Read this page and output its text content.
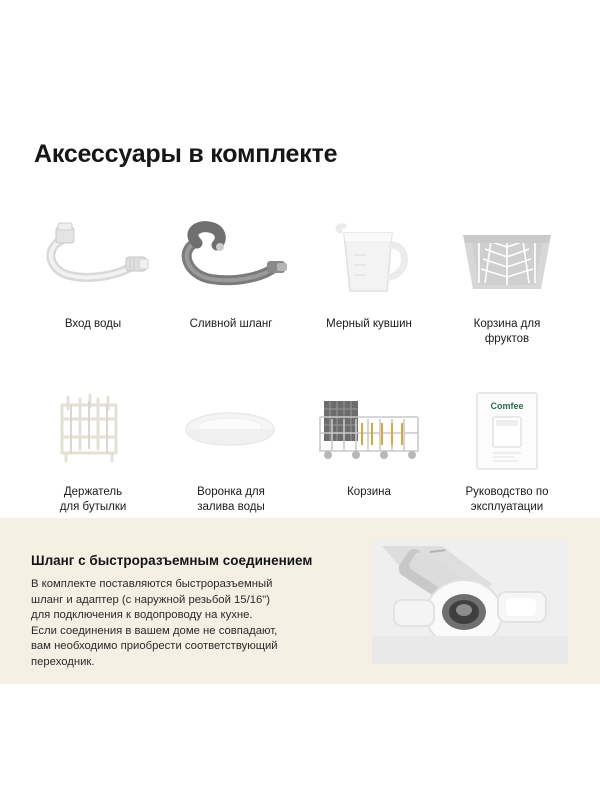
Аксессуары в комплекте
Вход воды	Сливной шланг	Мерный кувшин	Корзина для
фруктов
Держатель
для бутылки
Воронка для
залива воды
Корзина
Comfee
Руководство по
эксплуатации
Шланг с быстроразъемным соединением
В комплекте поставляются быстроразъемный
шланг и адаптер (с наружной резьбой 15/16")
для подключения к водопроводу на кухне.
Если соединения в вашем доме не совпадают,
вам необходимо приобрести соответствующий
переходник.
